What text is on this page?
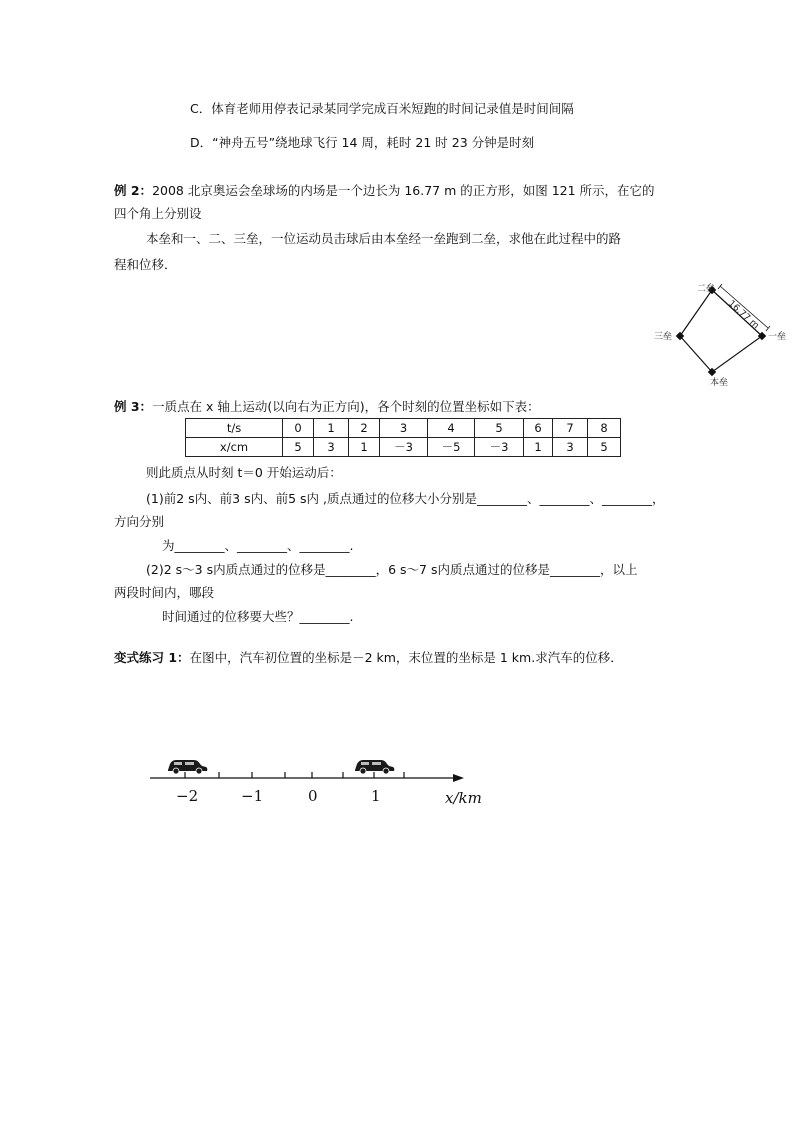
C．体育老师用停表记录某同学完成百米短跑的时间记录值是时间间隔
D．“神舟五号”绕地球飞行 14 周，耗时 21 时 23 分钟是时刻
例 2：2008 北京奥运会垒球场的内场是一个边长为 16.77 m 的正方形，如图 121 所示，在它的
四个角上分别设
本垒和一、二、三垒，一位运动员击球后由本垒经一垒跑到二垒，求他在此过程中的路
程和位移．
16.77 m
二垒
三垒	一垒
本垒
例 3：一质点在 x 轴上运动(以向右为正方向)，各个时刻的位置坐标如下表：
t/s	0	1	2	3	4	5	6	7	8
x/cm	5	3	1	－3	－5	－3	1	3	5
则此质点从时刻 t＝0 开始运动后：
(1)前2 s内、前3 s内、前5 s内 ,质点通过的位移大小分别是________、________、________，
方向分别
为________、________、________.
(2)2 s～3 s内质点通过的位移是________，6 s～7 s内质点通过的位移是________，以上
两段时间内，哪段
时间通过的位移要大些？________.
变式练习 1：在图中，汽车初位置的坐标是－2 km，末位置的坐标是 1 km.求汽车的位移．
−2	−1	0	1	x/km
